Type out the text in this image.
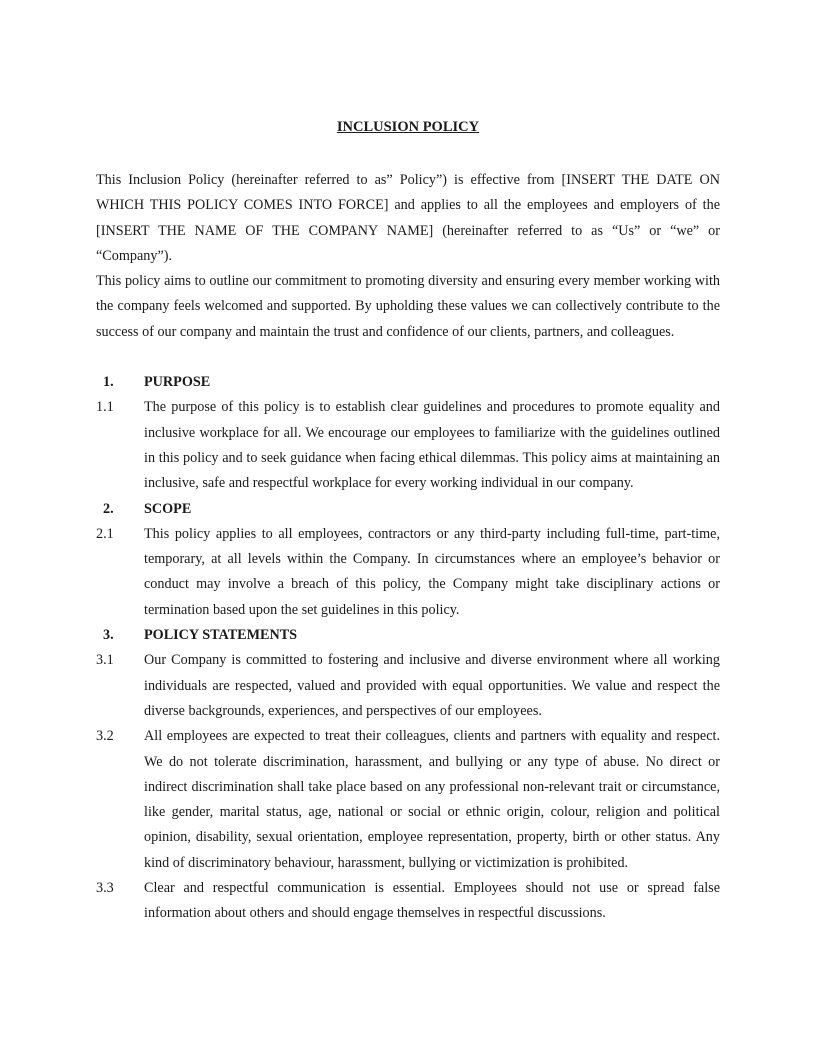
INCLUSION POLICY

This Inclusion Policy (hereinafter referred to as” Policy”) is effective from [INSERT THE DATE ON WHICH THIS POLICY COMES INTO FORCE] and applies to all the employees and employers of the [INSERT THE NAME OF THE COMPANY NAME] (hereinafter referred to as “Us” or “we” or “Company”).

This policy aims to outline our commitment to promoting diversity and ensuring every member working with the company feels welcomed and supported. By upholding these values we can collectively contribute to the success of our company and maintain the trust and confidence of our clients, partners, and colleagues.

1.	PURPOSE
1.1	The purpose of this policy is to establish clear guidelines and procedures to promote equality and inclusive workplace for all. We encourage our employees to familiarize with the guidelines outlined in this policy and to seek guidance when facing ethical dilemmas. This policy aims at maintaining an inclusive, safe and respectful workplace for every working individual in our company.
2.	SCOPE
2.1	This policy applies to all employees, contractors or any third-party including full-time, part-time, temporary, at all levels within the Company. In circumstances where an employee’s behavior or conduct may involve a breach of this policy, the Company might take disciplinary actions or termination based upon the set guidelines in this policy.
3.	POLICY STATEMENTS
3.1	Our Company is committed to fostering and inclusive and diverse environment where all working individuals are respected, valued and provided with equal opportunities. We value and respect the diverse backgrounds, experiences, and perspectives of our employees.
3.2	All employees are expected to treat their colleagues, clients and partners with equality and respect. We do not tolerate discrimination, harassment, and bullying or any type of abuse. No direct or indirect discrimination shall take place based on any professional non-relevant trait or circumstance, like gender, marital status, age, national or social or ethnic origin, colour, religion and political opinion, disability, sexual orientation, employee representation, property, birth or other status. Any kind of discriminatory behaviour, harassment, bullying or victimization is prohibited.
3.3	Clear and respectful communication is essential. Employees should not use or spread false information about others and should engage themselves in respectful discussions.
